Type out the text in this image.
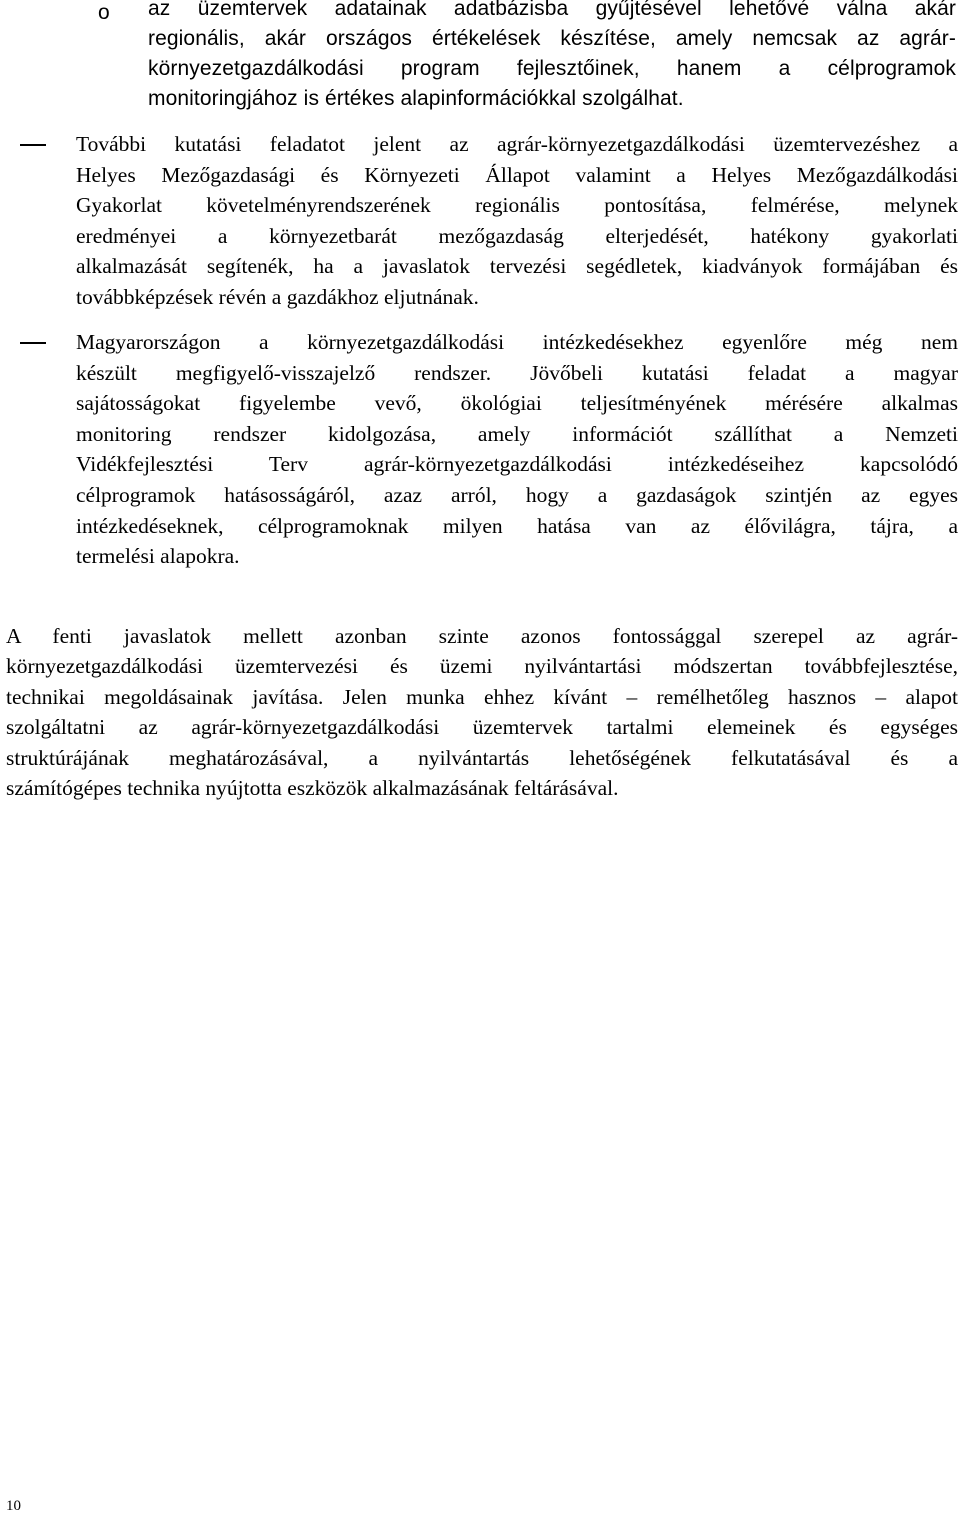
o az üzemtervek adatainak adatbázisba gyűjtésével lehetővé válna akár
regionális, akár országos értékelések készítése, amely nemcsak az agrár-
környezetgazdálkodási program fejlesztőinek, hanem a célprogramok
monitoringjához is értékes alapinformációkkal szolgálhat.
További kutatási feladatot jelent az agrár-környezetgazdálkodási üzemtervezéshez a
Helyes Mezőgazdasági és Környezeti Állapot valamint a Helyes Mezőgazdálkodási
Gyakorlat követelményrendszerének regionális pontosítása, felmérése, melynek
eredményei a környezetbarát mezőgazdaság elterjedését, hatékony gyakorlati
alkalmazását segítenék, ha a javaslatok tervezési segédletek, kiadványok formájában és
továbbképzések révén a gazdákhoz eljutnának.
Magyarországon a környezetgazdálkodási intézkedésekhez egyenlőre még nem
készült megfigyelő-visszajelző rendszer. Jövőbeli kutatási feladat a magyar
sajátosságokat figyelembe vevő, ökológiai teljesítményének mérésére alkalmas
monitoring rendszer kidolgozása, amely információt szállíthat a Nemzeti
Vidékfejlesztési Terv agrár-környezetgazdálkodási intézkedéseihez kapcsolódó
célprogramok hatásosságáról, azaz arról, hogy a gazdaságok szintjén az egyes
intézkedéseknek, célprogramoknak milyen hatása van az élővilágra, tájra, a
termelési alapokra.
A fenti javaslatok mellett azonban szinte azonos fontossággal szerepel az agrár-
környezetgazdálkodási üzemtervezési és üzemi nyilvántartási módszertan továbbfejlesztése,
technikai megoldásainak javítása. Jelen munka ehhez kívánt – remélhetőleg hasznos – alapot
szolgáltatni az agrár-környezetgazdálkodási üzemtervek tartalmi elemeinek és egységes
struktúrájának meghatározásával, a nyilvántartás lehetőségének felkutatásával és a
számítógépes technika nyújtotta eszközök alkalmazásának feltárásával.
10
